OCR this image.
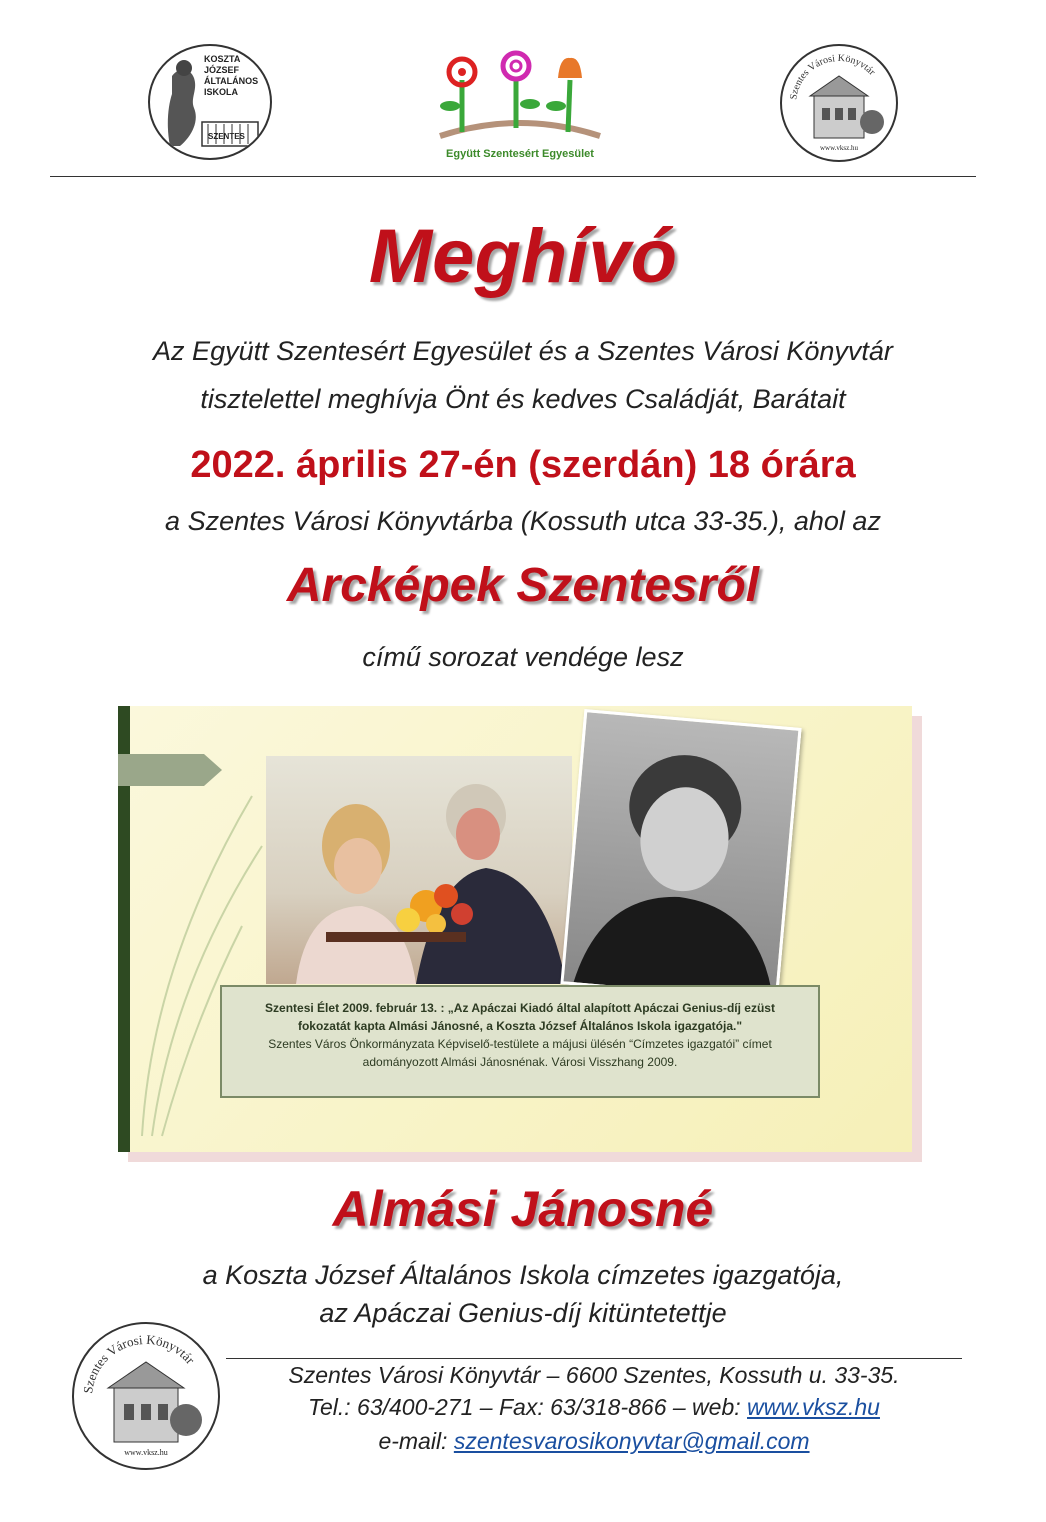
KOSZTA
JÓZSEF
ÁLTALÁNOS
ISKOLA
SZENTES
Együtt Szentesért Egyesület
Szentes Városi Könyvtár
www.vksz.hu
Meghívó
Az Együtt Szentesért Egyesület és a Szentes Városi Könyvtár
tisztelettel meghívja Önt és kedves Családját, Barátait
2022. április 27-én (szerdán) 18 órára
a Szentes Városi Könyvtárba (Kossuth utca 33-35.), ahol az
Arcképek Szentesről
című sorozat vendége lesz
Szentesi Élet 2009. február 13. : „Az Apáczai Kiadó által alapított Apáczai Genius-díj ezüst
fokozatát kapta Almási Jánosné, a Koszta József Általános Iskola igazgatója."
Szentes Város Önkormányzata Képviselő-testülete a májusi ülésén “Címzetes igazgatói” címet
adományozott Almási Jánosnénak. Városi Visszhang 2009.
Almási Jánosné
a Koszta József Általános Iskola címzetes igazgatója,
az Apáczai Genius-díj kitüntetettje
Szentes Városi Könyvtár
www.vksz.hu
Szentes Városi Könyvtár – 6600 Szentes, Kossuth u. 33-35.
Tel.: 63/400-271 – Fax: 63/318-866 – web: www.vksz.hu
e-mail: szentesvarosikonyvtar@gmail.com
